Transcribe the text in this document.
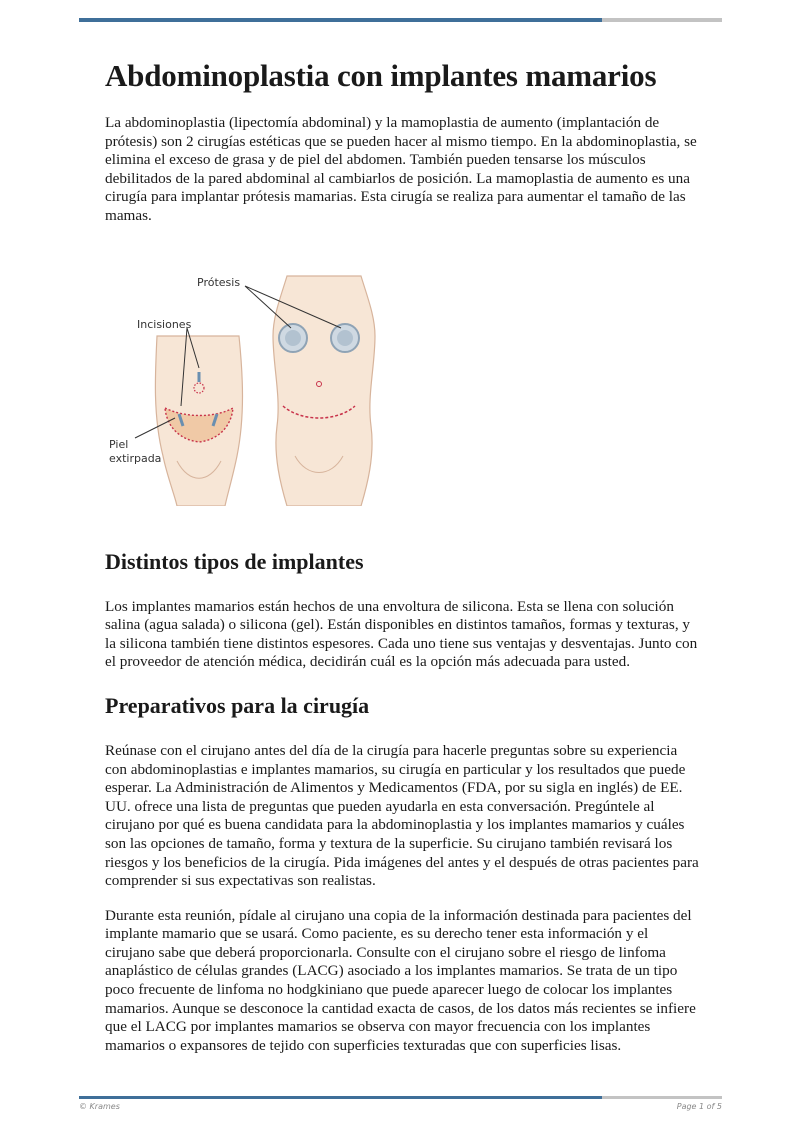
Abdominoplastia con implantes mamarios

La abdominoplastia (lipectomía abdominal) y la mamoplastia de aumento (implantación de prótesis) son 2 cirugías estéticas que se pueden hacer al mismo tiempo. En la abdominoplastia, se elimina el exceso de grasa y de piel del abdomen. También pueden tensarse los músculos debilitados de la pared abdominal al cambiarlos de posición. La mamoplastia de aumento es una cirugía para implantar prótesis mamarias. Esta cirugía se realiza para aumentar el tamaño de las mamas.

Prótesis
Incisiones
Piel
extirpada
Distintos tipos de implantes

Los implantes mamarios están hechos de una envoltura de silicona. Esta se llena con solución salina (agua salada) o silicona (gel). Están disponibles en distintos tamaños, formas y texturas, y la silicona también tiene distintos espesores. Cada uno tiene sus ventajas y desventajas. Junto con el proveedor de atención médica, decidirán cuál es la opción más adecuada para usted.

Preparativos para la cirugía

Reúnase con el cirujano antes del día de la cirugía para hacerle preguntas sobre su experiencia con abdominoplastias e implantes mamarios, su cirugía en particular y los resultados que puede esperar. La Administración de Alimentos y Medicamentos (FDA, por su sigla en inglés) de EE. UU. ofrece una lista de preguntas que pueden ayudarla en esta conversación. Pregúntele al cirujano por qué es buena candidata para la abdominoplastia y los implantes mamarios y cuáles son las opciones de tamaño, forma y textura de la superficie. Su cirujano también revisará los riesgos y los beneficios de la cirugía. Pida imágenes del antes y el después de otras pacientes para comprender si sus expectativas son realistas.

Durante esta reunión, pídale al cirujano una copia de la información destinada para pacientes del implante mamario que se usará. Como paciente, es su derecho tener esta información y el cirujano sabe que deberá proporcionarla. Consulte con el cirujano sobre el riesgo de linfoma anaplástico de células grandes (LACG) asociado a los implantes mamarios. Se trata de un tipo poco frecuente de linfoma no hodgkiniano que puede aparecer luego de colocar los implantes mamarios. Aunque se desconoce la cantidad exacta de casos, de los datos más recientes se infiere que el LACG por implantes mamarios se observa con mayor frecuencia con los implantes mamarios o expansores de tejido con superficies texturadas que con superficies lisas.

© Krames	Page 1 of 5
